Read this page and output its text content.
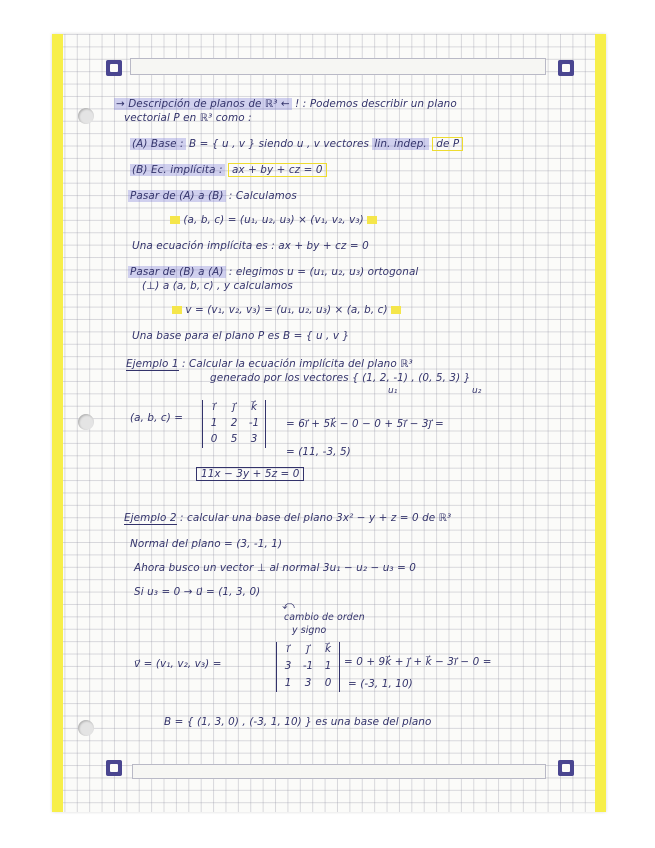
→ Descripción de planos de ℝ³ ← ! : Podemos describir un plano
vectorial P en ℝ³ como :
(A) Base : B = { u , v } siendo u , v vectores lin. indep. de P
(B) Ec. implícita : ax + by + cz = 0
Pasar de (A) a (B) : Calculamos
(a, b, c) = (u₁, u₂, u₃) × (v₁, v₂, v₃)
Una ecuación implícita es : ax + by + cz = 0
Pasar de (B) a (A) : elegimos u = (u₁, u₂, u₃) ortogonal
(⊥) a (a, b, c) , y calculamos
v = (v₁, v₂, v₃) = (u₁, u₂, u₃) × (a, b, c)
Una base para el plano P es B = { u , v }
Ejemplo 1 : Calcular la ecuación implícita del plano ℝ³
generado por los vectores { (1, 2, -1) , (0, 5, 3) }
u₁	u₂
(a, b, c) =
i⃗	j⃗	k⃗
1	2	-1
0	5	3
= 6i⃗ + 5k⃗ − 0 − 0 + 5i⃗ − 3j⃗ =
= (11, -3, 5)
11x − 3y + 5z = 0
Ejemplo 2 : calcular una base del plano 3x² − y + z = 0 de ℝ³
Normal del plano = (3, -1, 1)
Ahora busco un vector ⊥ al normal 3u₁ − u₂ − u₃ = 0
Si u₃ = 0 → u⃗ = (1, 3, 0)
⤺
cambio de orden
y signo
v⃗ = (v₁, v₂, v₃) =
i⃗	j⃗	k⃗
3	-1	1
1	3	0
= 0 + 9k⃗ + j⃗ + k⃗ − 3i⃗ − 0 =
= (-3, 1, 10)
B = { (1, 3, 0) , (-3, 1, 10) } es una base del plano
